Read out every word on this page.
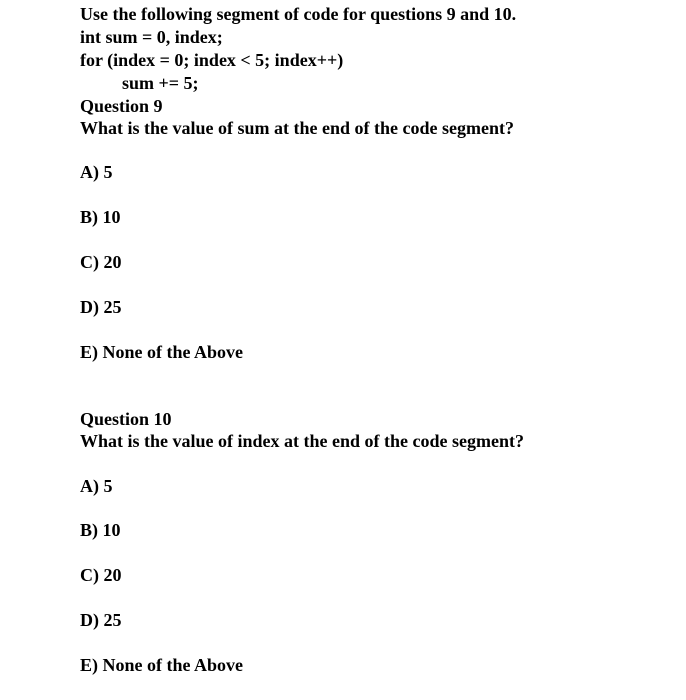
Use the following segment of code for questions 9 and 10.
int sum = 0, index;
for (index = 0; index < 5; index++)
sum += 5;
Question 9
What is the value of sum at the end of the code segment?
A) 5
B) 10
C) 20
D) 25
E) None of the Above
Question 10
What is the value of index at the end of the code segment?
A) 5
B) 10
C) 20
D) 25
E) None of the Above
